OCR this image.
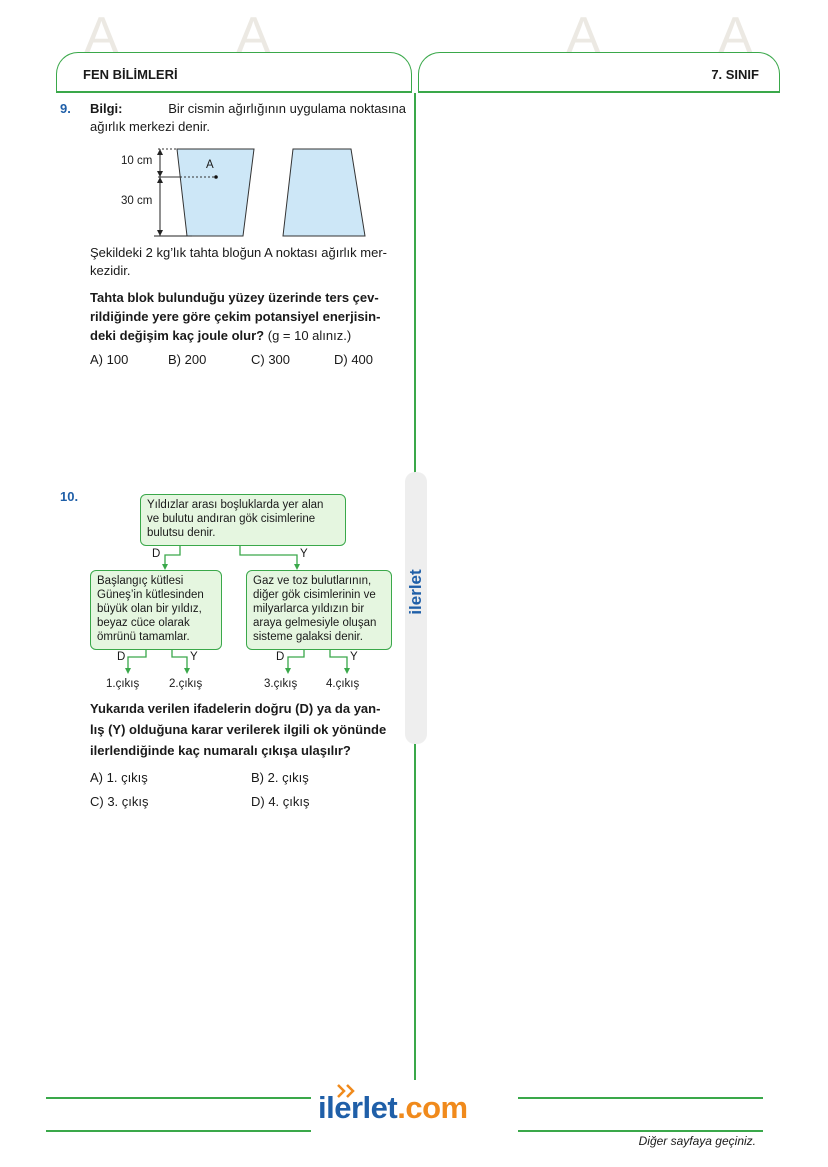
A A	A A
FEN BİLİMLERİ	7. SINIF
ilerlet
9. Bilgi:	Bir cismin ağırlığının uygulama noktasına
ağırlık merkezi denir.
10 cm
30 cm
A
Şekildeki 2 kg’lık tahta bloğun A noktası ağırlık mer-
kezidir.
Tahta blok bulunduğu yüzey üzerinde ters çev-
rildiğinde yere göre çekim potansiyel enerjisin-
deki değişim kaç joule olur? (g = 10 alınız.)
A) 100	B) 200	C) 300	D) 400
10.
Yıldızlar arası boşluklarda yer alan
ve bulutu andıran gök cisimlerine
bulutsu denir.
D	Y
Başlangıç kütlesi
Güneş’in kütlesinden
büyük olan bir yıldız,
beyaz cüce olarak
ömrünü tamamlar.
Gaz ve toz bulutlarının,
diğer gök cisimlerinin ve
milyarlarca yıldızın bir
araya gelmesiyle oluşan
sisteme galaksi denir.
D	Y	D	Y
1.çıkış	2.çıkış	3.çıkış	4.çıkış
Yukarıda verilen ifadelerin doğru (D) ya da yan-
lış (Y) olduğuna karar verilerek ilgili ok yönünde
ilerlendiğinde kaç numaralı çıkışa ulaşılır?
A) 1. çıkış	B) 2. çıkış
C) 3. çıkış	D) 4. çıkış
ilerlet.com
Diğer sayfaya geçiniz.
